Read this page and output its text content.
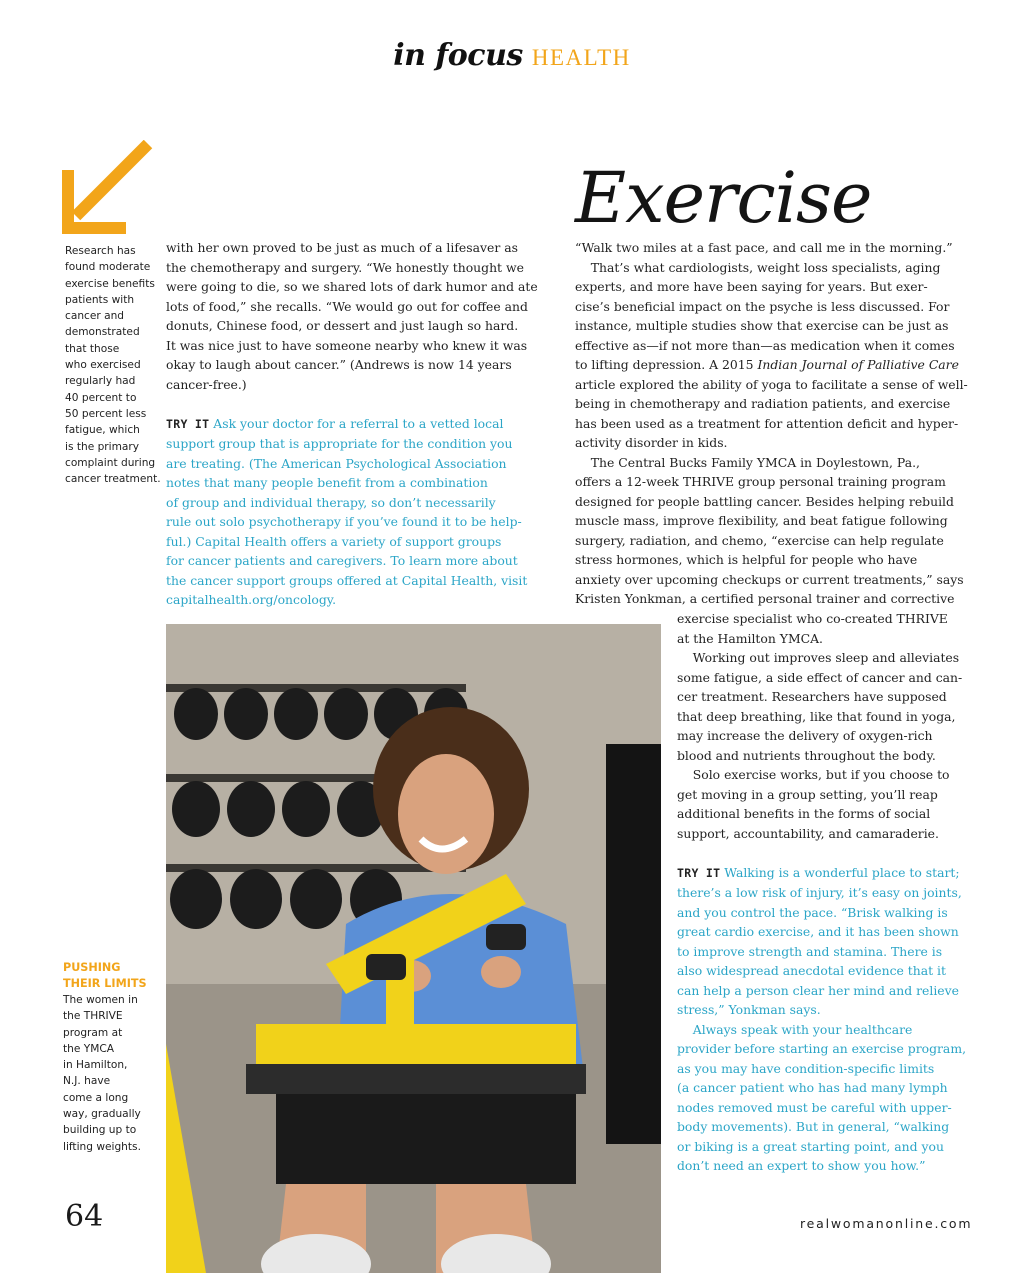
in focus HEALTH
Research has
found moderate
exercise benefits
patients with
cancer and
demonstrated
that those
who exercised
regularly had
40 percent to
50 percent less
fatigue, which
is the primary
complaint during
cancer treatment.
with her own proved to be just as much of a lifesaver as
the chemotherapy and surgery. “We honestly thought we
were going to die, so we shared lots of dark humor and ate
lots of food,” she recalls. “We would go out for coffee and
donuts, Chinese food, or dessert and just laugh so hard.
It was nice just to have someone nearby who knew it was
okay to laugh about cancer.” (Andrews is now 14 years
cancer-free.)
TRY IT Ask your doctor for a referral to a vetted local
support group that is appropriate for the condition you
are treating. (The American Psychological Association
notes that many people benefit from a combination
of group and individual therapy, so don’t necessarily
rule out solo psychotherapy if you’ve found it to be help-
ful.) Capital Health offers a variety of support groups
for cancer patients and caregivers. To learn more about
the cancer support groups offered at Capital Health, visit
capitalhealth.org/oncology.
Exercise
“Walk two miles at a fast pace, and call me in the morning.”
That’s what cardiologists, weight loss specialists, aging
experts, and more have been saying for years. But exer-
cise’s beneficial impact on the psyche is less discussed. For
instance, multiple studies show that exercise can be just as
effective as—if not more than—as medication when it comes
to lifting depression. A 2015 Indian Journal of Palliative Care
article explored the ability of yoga to facilitate a sense of well-
being in chemotherapy and radiation patients, and exercise
has been used as a treatment for attention deficit and hyper-
activity disorder in kids.
The Central Bucks Family YMCA in Doylestown, Pa.,
offers a 12-week THRIVE group personal training program
designed for people battling cancer. Besides helping rebuild
muscle mass, improve flexibility, and beat fatigue following
surgery, radiation, and chemo, “exercise can help regulate
stress hormones, which is helpful for people who have
anxiety over upcoming checkups or current treatments,” says
Kristen Yonkman, a certified personal trainer and corrective
exercise specialist who co-created THRIVE
at the Hamilton YMCA.
Working out improves sleep and alleviates
some fatigue, a side effect of cancer and can-
cer treatment. Researchers have supposed
that deep breathing, like that found in yoga,
may increase the delivery of oxygen-rich
blood and nutrients throughout the body.
Solo exercise works, but if you choose to
get moving in a group setting, you’ll reap
additional benefits in the forms of social
support, accountability, and camaraderie.
TRY IT Walking is a wonderful place to start;
there’s a low risk of injury, it’s easy on joints,
and you control the pace. “Brisk walking is
great cardio exercise, and it has been shown
to improve strength and stamina. There is
also widespread anecdotal evidence that it
can help a person clear her mind and relieve
stress,” Yonkman says.
Always speak with your healthcare
provider before starting an exercise program,
as you may have condition-specific limits
(a cancer patient who has had many lymph
nodes removed must be careful with upper-
body movements). But in general, “walking
or biking is a great starting point, and you
don’t need an expert to show you how.”
PUSHING
THEIR LIMITS
The women in
the THRIVE
program at
the YMCA
in Hamilton,
N.J. have
come a long
way, gradually
building up to
lifting weights.
64	realwomanonline.com
